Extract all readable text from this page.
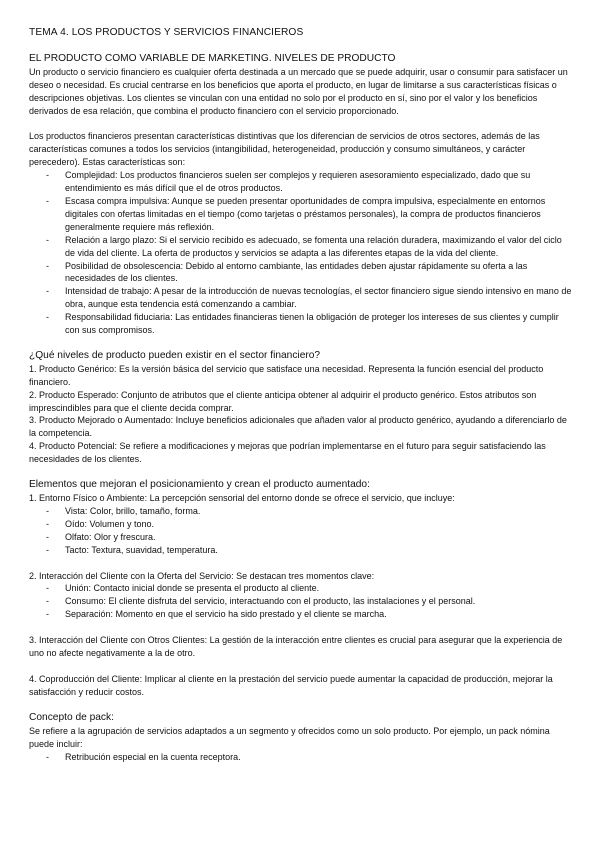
TEMA 4. LOS PRODUCTOS Y SERVICIOS FINANCIEROS
EL PRODUCTO COMO VARIABLE DE MARKETING. NIVELES DE PRODUCTO

Un producto o servicio financiero es cualquier oferta destinada a un mercado que se puede adquirir, usar o consumir para satisfacer un deseo o necesidad. Es crucial centrarse en los beneficios que aporta el producto, en lugar de limitarse a sus características físicas o descripciones objetivas. Los clientes se vinculan con una entidad no solo por el producto en sí, sino por el valor y los beneficios derivados de esa relación, que combina el producto financiero con el servicio proporcionado.

Los productos financieros presentan características distintivas que los diferencian de servicios de otros sectores, además de las características comunes a todos los servicios (intangibilidad, heterogeneidad, producción y consumo simultáneos, y carácter perecedero). Estas características son:

- Complejidad: Los productos financieros suelen ser complejos y requieren asesoramiento especializado, dado que su entendimiento es más difícil que el de otros productos.
- Escasa compra impulsiva: Aunque se pueden presentar oportunidades de compra impulsiva, especialmente en entornos digitales con ofertas limitadas en el tiempo (como tarjetas o préstamos personales), la compra de productos financieros generalmente requiere más reflexión.
- Relación a largo plazo: Si el servicio recibido es adecuado, se fomenta una relación duradera, maximizando el valor del ciclo de vida del cliente. La oferta de productos y servicios se adapta a las diferentes etapas de la vida del cliente.
- Posibilidad de obsolescencia: Debido al entorno cambiante, las entidades deben ajustar rápidamente su oferta a las necesidades de los clientes.
- Intensidad de trabajo: A pesar de la introducción de nuevas tecnologías, el sector financiero sigue siendo intensivo en mano de obra, aunque esta tendencia está comenzando a cambiar.
- Responsabilidad fiduciaria: Las entidades financieras tienen la obligación de proteger los intereses de sus clientes y cumplir con sus compromisos.
¿Qué niveles de producto pueden existir en el sector financiero?

1. Producto Genérico: Es la versión básica del servicio que satisface una necesidad. Representa la función esencial del producto financiero.

2. Producto Esperado: Conjunto de atributos que el cliente anticipa obtener al adquirir el producto genérico. Estos atributos son imprescindibles para que el cliente decida comprar.

3. Producto Mejorado o Aumentado: Incluye beneficios adicionales que añaden valor al producto genérico, ayudando a diferenciarlo de la competencia.

4. Producto Potencial: Se refiere a modificaciones y mejoras que podrían implementarse en el futuro para seguir satisfaciendo las necesidades de los clientes.

Elementos que mejoran el posicionamiento y crean el producto aumentado:

1. Entorno Físico o Ambiente: La percepción sensorial del entorno donde se ofrece el servicio, que incluye:

- Vista: Color, brillo, tamaño, forma.
- Oído: Volumen y tono.
- Olfato: Olor y frescura.
- Tacto: Textura, suavidad, temperatura.

2. Interacción del Cliente con la Oferta del Servicio: Se destacan tres momentos clave:

- Unión: Contacto inicial donde se presenta el producto al cliente.
- Consumo: El cliente disfruta del servicio, interactuando con el producto, las instalaciones y el personal.
- Separación: Momento en que el servicio ha sido prestado y el cliente se marcha.

3. Interacción del Cliente con Otros Clientes: La gestión de la interacción entre clientes es crucial para asegurar que la experiencia de uno no afecte negativamente a la de otro.

4. Coproducción del Cliente: Implicar al cliente en la prestación del servicio puede aumentar la capacidad de producción, mejorar la satisfacción y reducir costos.

Concepto de pack:

Se refiere a la agrupación de servicios adaptados a un segmento y ofrecidos como un solo producto. Por ejemplo, un pack nómina puede incluir:

- Retribución especial en la cuenta receptora.
